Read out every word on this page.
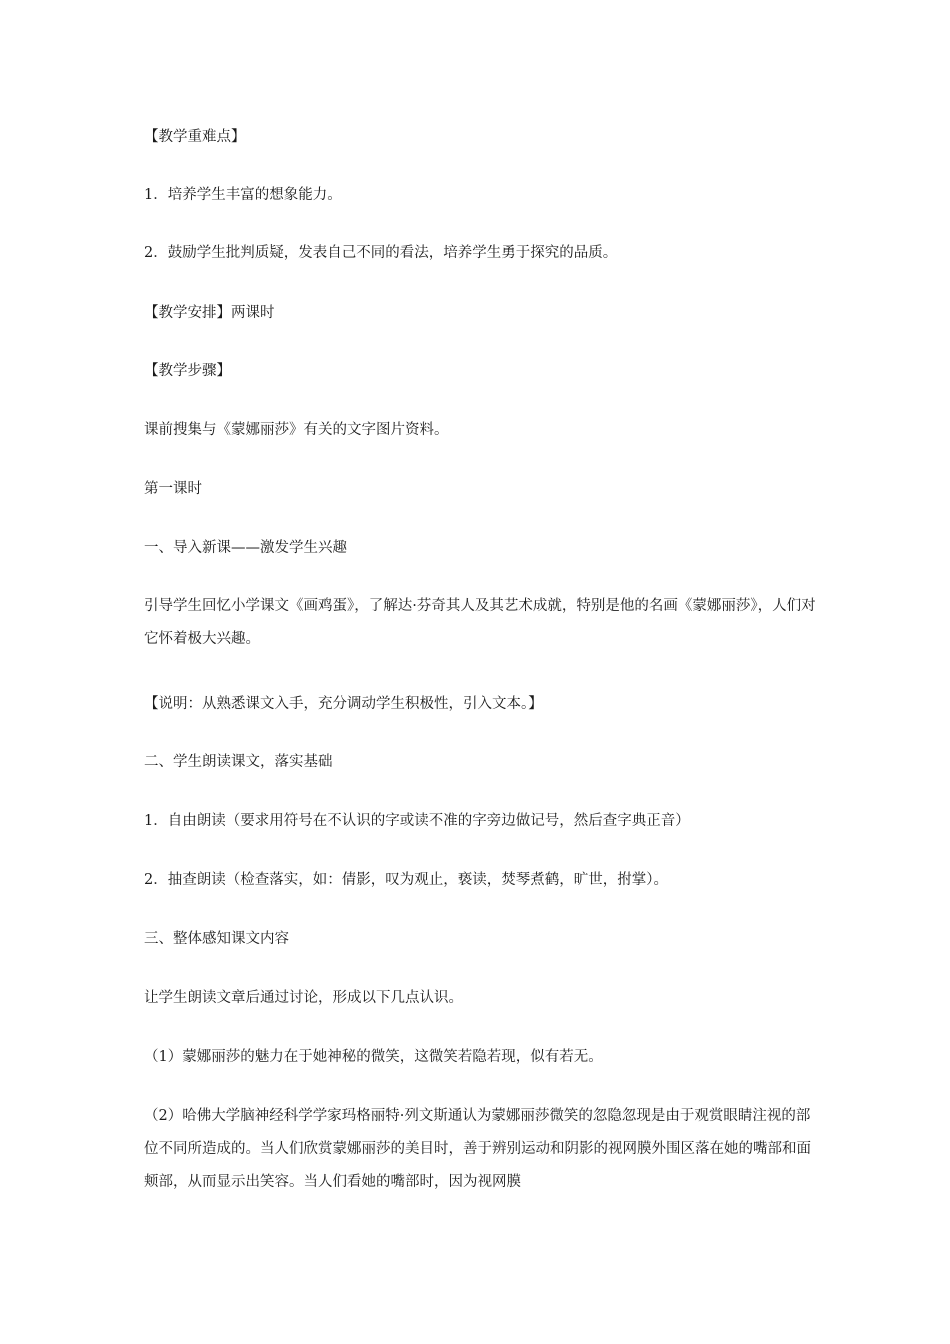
【教学重难点】

1．培养学生丰富的想象能力。

2．鼓励学生批判质疑，发表自己不同的看法，培养学生勇于探究的品质。

【教学安排】两课时

【教学步骤】

课前搜集与《蒙娜丽莎》有关的文字图片资料。

第一课时

一、导入新课——激发学生兴趣

引导学生回忆小学课文《画鸡蛋》，了解达·芬奇其人及其艺术成就，特别是他的名画《蒙娜丽莎》，人们对它怀着极大兴趣。

【说明：从熟悉课文入手，充分调动学生积极性，引入文本。】

二、学生朗读课文，落实基础

1．自由朗读（要求用符号在不认识的字或读不准的字旁边做记号，然后查字典正音）

2．抽查朗读（检查落实，如：倩影，叹为观止，亵读，焚琴煮鹤，旷世，拊掌）。

三、整体感知课文内容

让学生朗读文章后通过讨论，形成以下几点认识。

（1）蒙娜丽莎的魅力在于她神秘的微笑，这微笑若隐若现，似有若无。

（2）哈佛大学脑神经科学学家玛格丽特·列文斯通认为蒙娜丽莎微笑的忽隐忽现是由于观赏眼睛注视的部位不同所造成的。当人们欣赏蒙娜丽莎的美目时，善于辨别运动和阴影的视网膜外围区落在她的嘴部和面颊部，从而显示出笑容。当人们看她的嘴部时，因为视网膜
